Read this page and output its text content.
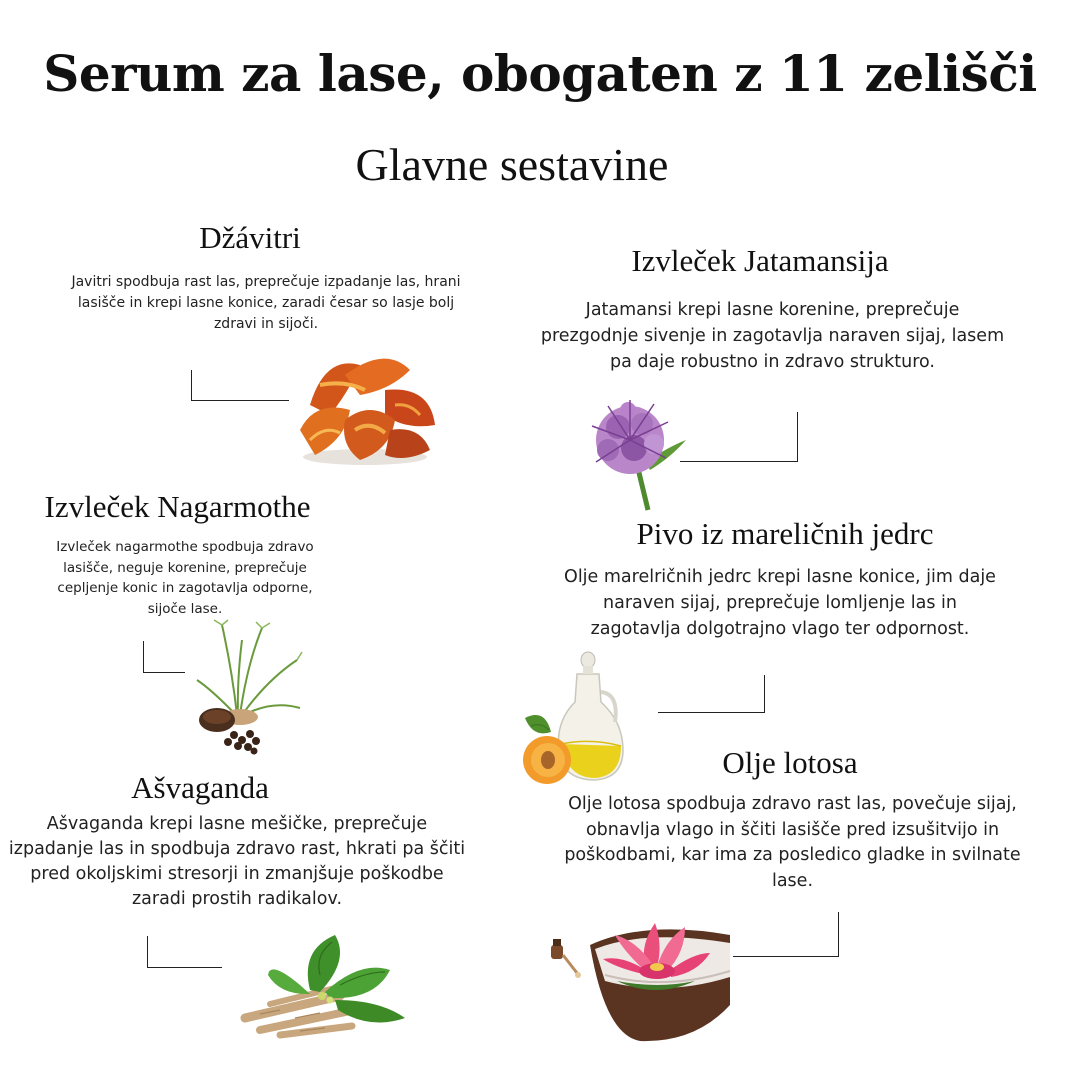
Serum za lase, obogaten z 11 zelišči
Glavne sestavine
Džávitri
Javitri spodbuja rast las, preprečuje izpadanje las, hrani lasišče in krepi lasne konice, zaradi česar so lasje bolj zdravi in sijoči.
Izvleček Jatamansija
Jatamansi krepi lasne korenine, preprečuje prezgodnje sivenje in zagotavlja naraven sijaj, lasem pa daje robustno in zdravo strukturo.
Izvleček Nagarmothe
Izvleček nagarmothe spodbuja zdravo lasišče, neguje korenine, preprečuje cepljenje konic in zagotavlja odporne, sijoče lase.
Pivo iz mareličnih jedrc
Olje marelričnih jedrc krepi lasne konice, jim daje naraven sijaj, preprečuje lomljenje las in zagotavlja dolgotrajno vlago ter odpornost.
Ašvaganda
Ašvaganda krepi lasne mešičke, preprečuje izpadanje las in spodbuja zdravo rast, hkrati pa ščiti pred okoljskimi stresorji in zmanjšuje poškodbe zaradi prostih radikalov.
Olje lotosa
Olje lotosa spodbuja zdravo rast las, povečuje sijaj, obnavlja vlago in ščiti lasišče pred izsušitvijo in poškodbami, kar ima za posledico gladke in svilnate lase.
